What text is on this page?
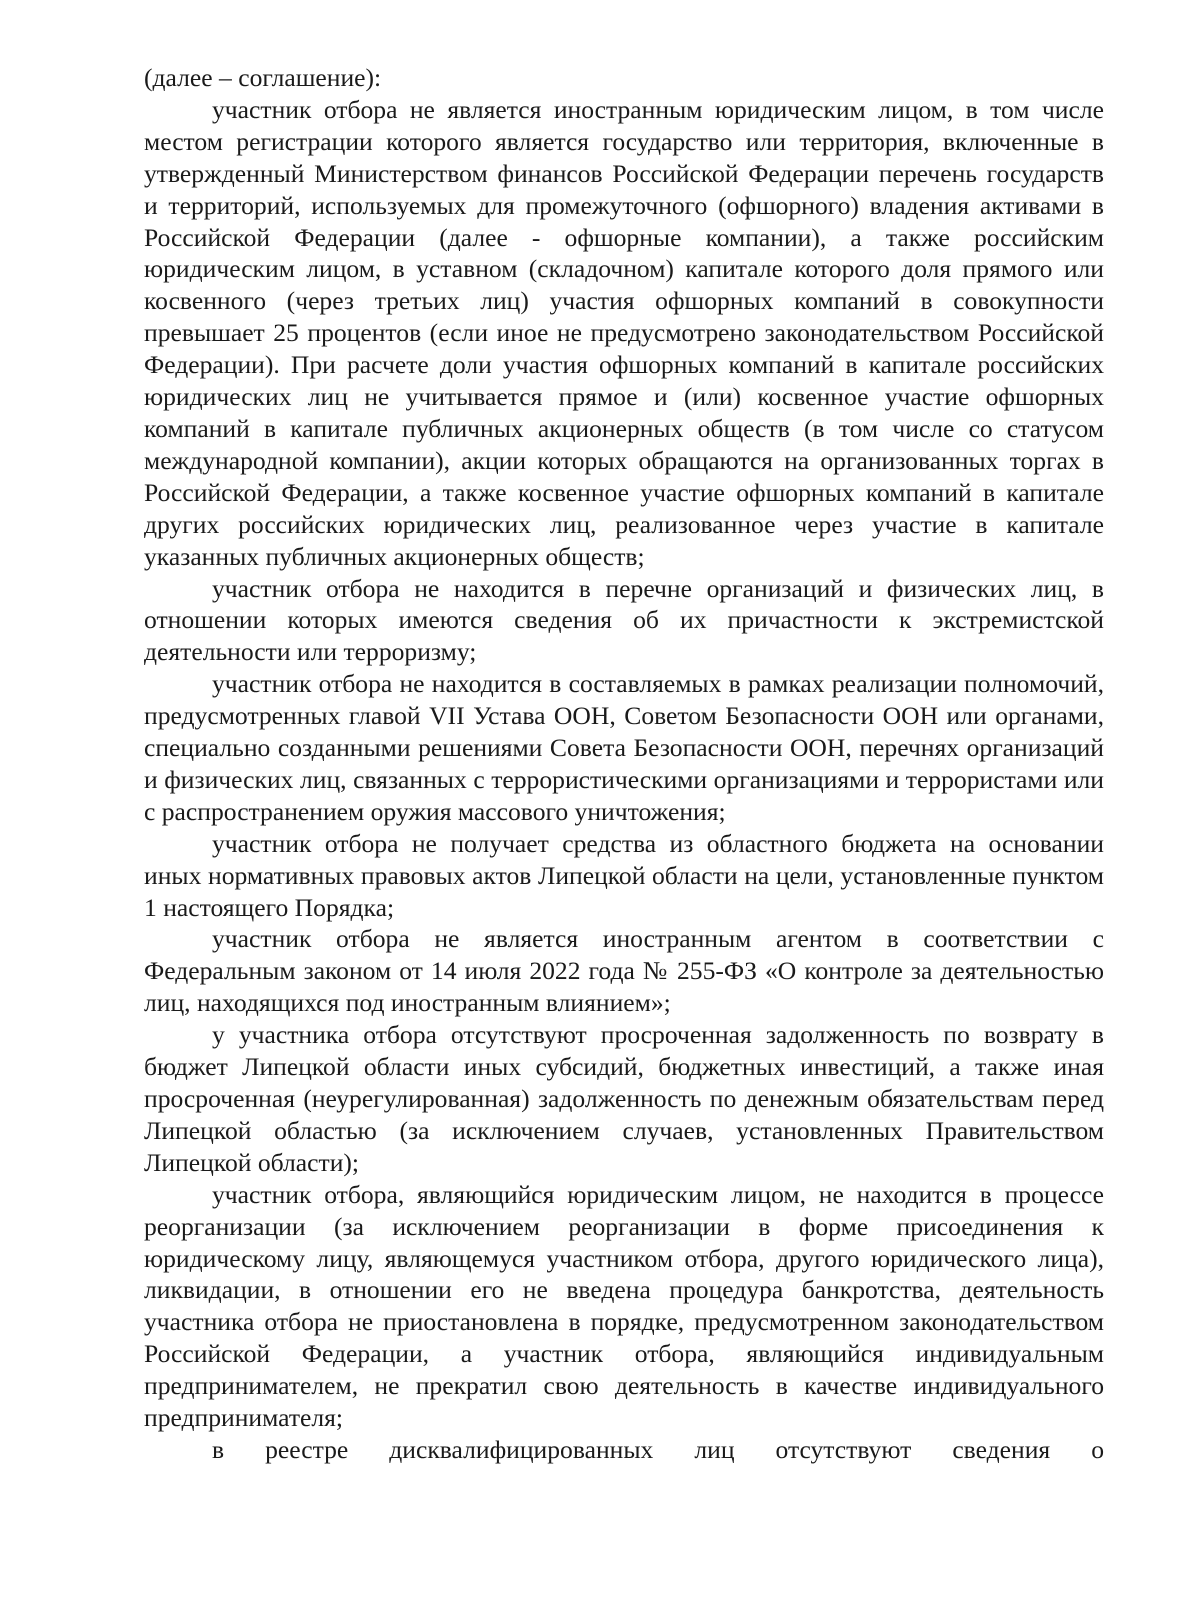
(далее – соглашение):

участник отбора не является иностранным юридическим лицом, в том числе местом регистрации которого является государство или территория, включенные в утвержденный Министерством финансов Российской Федерации перечень государств и территорий, используемых для промежуточного (офшорного) владения активами в Российской Федерации (далее - офшорные компании), а также российским юридическим лицом, в уставном (складочном) капитале которого доля прямого или косвенного (через третьих лиц) участия офшорных компаний в совокупности превышает 25 процентов (если иное не предусмотрено законодательством Российской Федерации). При расчете доли участия офшорных компаний в капитале российских юридических лиц не учитывается прямое и (или) косвенное участие офшорных компаний в капитале публичных акционерных обществ (в том числе со статусом международной компании), акции которых обращаются на организованных торгах в Российской Федерации, а также косвенное участие офшорных компаний в капитале других российских юридических лиц, реализованное через участие в капитале указанных публичных акционерных обществ;

участник отбора не находится в перечне организаций и физических лиц, в отношении которых имеются сведения об их причастности к экстремистской деятельности или терроризму;

участник отбора не находится в составляемых в рамках реализации полномочий, предусмотренных главой VII Устава ООН, Советом Безопасности ООН или органами, специально созданными решениями Совета Безопасности ООН, перечнях организаций и физических лиц, связанных с террористическими организациями и террористами или с распространением оружия массового уничтожения;

участник отбора не получает средства из областного бюджета на основании иных нормативных правовых актов Липецкой области на цели, установленные пунктом 1 настоящего Порядка;

участник отбора не является иностранным агентом в соответствии с Федеральным законом от 14 июля 2022 года № 255-ФЗ «О контроле за деятельностью лиц, находящихся под иностранным влиянием»;

у участника отбора отсутствуют просроченная задолженность по возврату в бюджет Липецкой области иных субсидий, бюджетных инвестиций, а также иная просроченная (неурегулированная) задолженность по денежным обязательствам перед Липецкой областью (за исключением случаев, установленных Правительством Липецкой области);

участник отбора, являющийся юридическим лицом, не находится в процессе реорганизации (за исключением реорганизации в форме присоединения к юридическому лицу, являющемуся участником отбора, другого юридического лица), ликвидации, в отношении его не введена процедура банкротства, деятельность участника отбора не приостановлена в порядке, предусмотренном законодательством Российской Федерации, а участник отбора, являющийся индивидуальным предпринимателем, не прекратил свою деятельность в качестве индивидуального предпринимателя;

в реестре дисквалифицированных лиц отсутствуют сведения о
